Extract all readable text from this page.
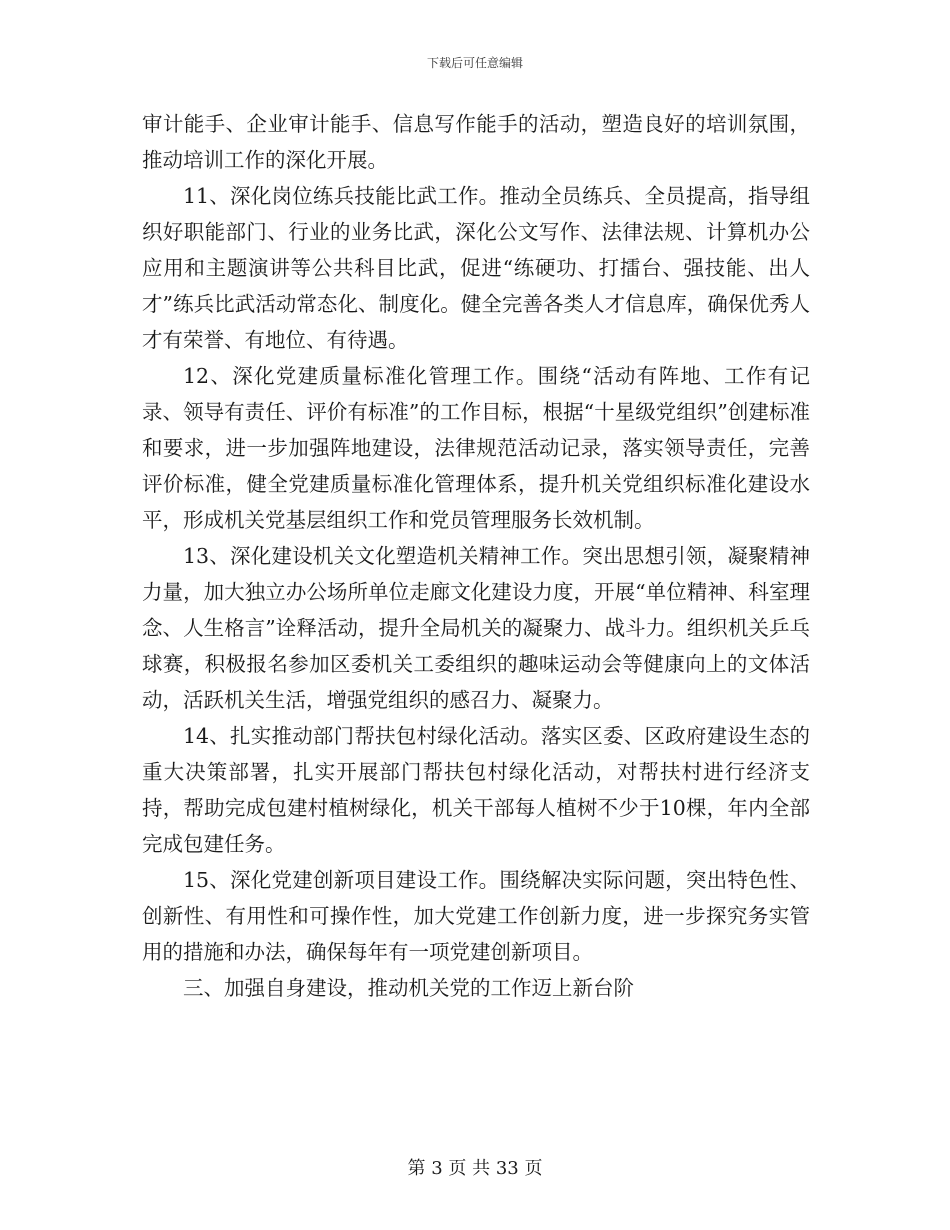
下载后可任意编辑

审计能手、企业审计能手、信息写作能手的活动，塑造良好的培训氛围，推动培训工作的深化开展。

11、深化岗位练兵技能比武工作。推动全员练兵、全员提高，指导组织好职能部门、行业的业务比武，深化公文写作、法律法规、计算机办公应用和主题演讲等公共科目比武，促进“练硬功、打擂台、强技能、出人才”练兵比武活动常态化、制度化。健全完善各类人才信息库，确保优秀人才有荣誉、有地位、有待遇。

12、深化党建质量标准化管理工作。围绕“活动有阵地、工作有记录、领导有责任、评价有标准”的工作目标，根据“十星级党组织”创建标准和要求，进一步加强阵地建设，法律规范活动记录，落实领导责任，完善评价标准，健全党建质量标准化管理体系，提升机关党组织标准化建设水平，形成机关党基层组织工作和党员管理服务长效机制。

13、深化建设机关文化塑造机关精神工作。突出思想引领，凝聚精神力量，加大独立办公场所单位走廊文化建设力度，开展“单位精神、科室理念、人生格言”诠释活动，提升全局机关的凝聚力、战斗力。组织机关乒乓球赛，积极报名参加区委机关工委组织的趣味运动会等健康向上的文体活动，活跃机关生活，增强党组织的感召力、凝聚力。

14、扎实推动部门帮扶包村绿化活动。落实区委、区政府建设生态的重大决策部署，扎实开展部门帮扶包村绿化活动，对帮扶村进行经济支持，帮助完成包建村植树绿化，机关干部每人植树不少于10棵，年内全部完成包建任务。

15、深化党建创新项目建设工作。围绕解决实际问题，突出特色性、创新性、有用性和可操作性，加大党建工作创新力度，进一步探究务实管用的措施和办法，确保每年有一项党建创新项目。

三、加强自身建设，推动机关党的工作迈上新台阶

第 3 页 共 33 页
